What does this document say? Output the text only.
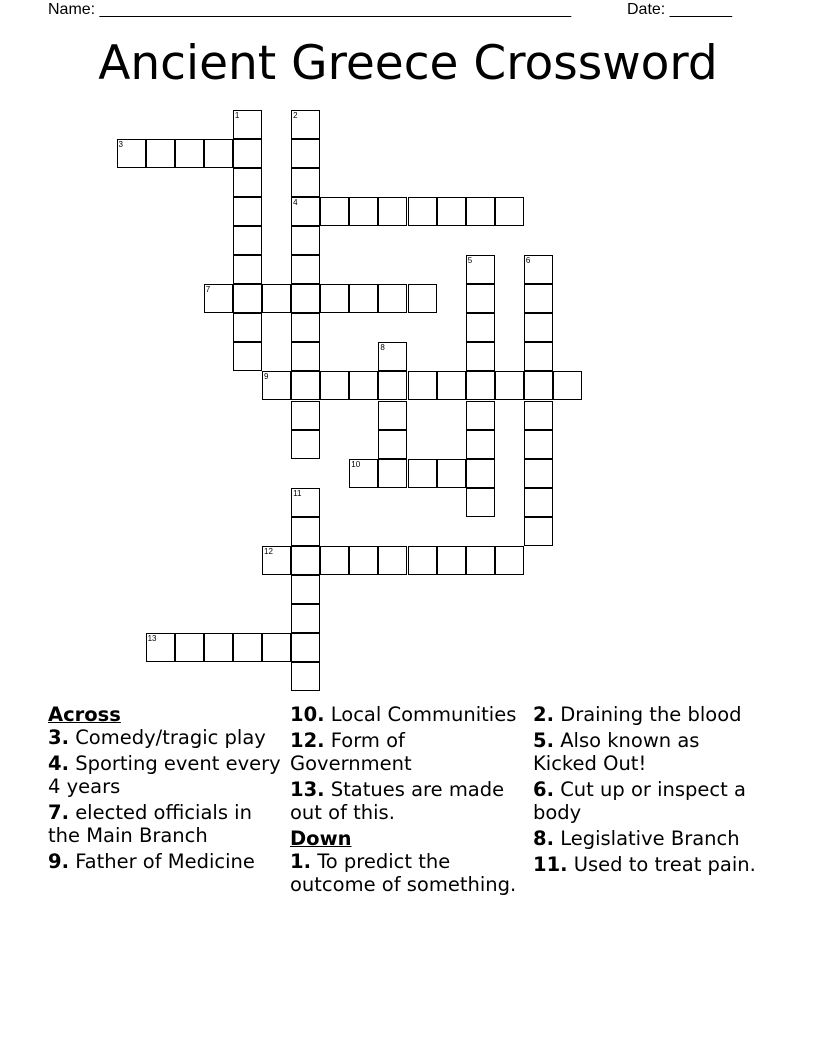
Name: _____________________________________________________	Date: _______
Ancient Greece Crossword
1	2
4
3
5	6
7
8
9
10
11
12
13

Across

3. Comedy/tragic play

4. Sporting event every 4 years

7. elected officials in the Main Branch

9. Father of Medicine

10. Local Communities

12. Form of Government

13. Statues are made out of this.

Down

1. To predict the outcome of something.

2. Draining the blood

5. Also known as Kicked Out!

6. Cut up or inspect a body

8. Legislative Branch

11. Used to treat pain.
